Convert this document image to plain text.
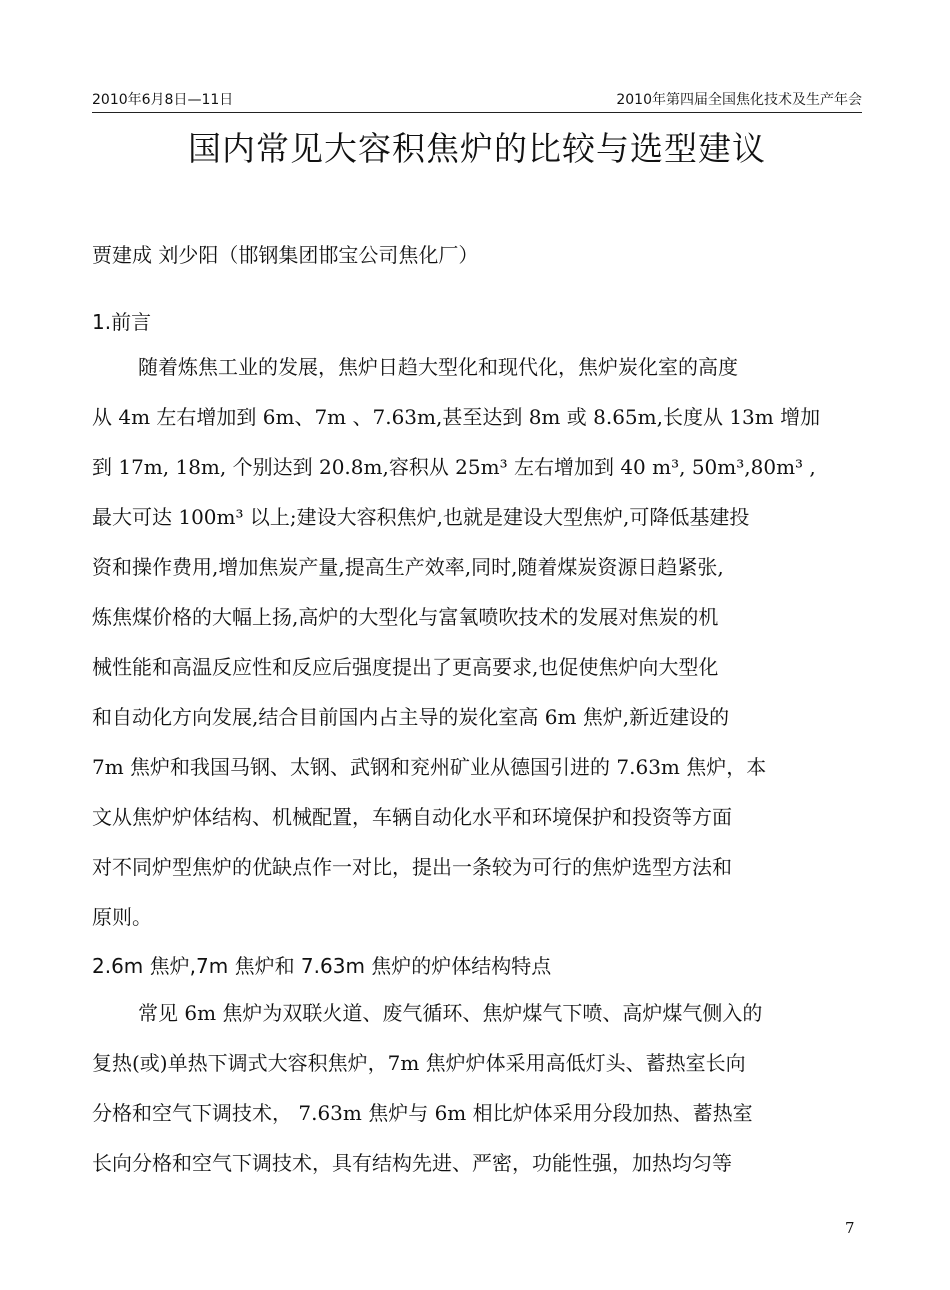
2010年6月8日—11日	2010年第四届全国焦化技术及生产年会
国内常见大容积焦炉的比较与选型建议
贾建成 刘少阳（邯钢集团邯宝公司焦化厂）
1.前言
随着炼焦工业的发展，焦炉日趋大型化和现代化，焦炉炭化室的高度
从 4m 左右增加到 6m、7m 、7.63m,甚至达到 8m 或 8.65m,长度从 13m 增加
到 17m, 18m, 个别达到 20.8m,容积从 25m³ 左右增加到 40 m³, 50m³,80m³ ,
最大可达 100m³ 以上;建设大容积焦炉,也就是建设大型焦炉,可降低基建投
资和操作费用,增加焦炭产量,提高生产效率,同时,随着煤炭资源日趋紧张,
炼焦煤价格的大幅上扬,高炉的大型化与富氧喷吹技术的发展对焦炭的机
械性能和高温反应性和反应后强度提出了更高要求,也促使焦炉向大型化
和自动化方向发展,结合目前国内占主导的炭化室高 6m 焦炉,新近建设的
7m 焦炉和我国马钢、太钢、武钢和兖州矿业从德国引进的 7.63m 焦炉，本
文从焦炉炉体结构、机械配置，车辆自动化水平和环境保护和投资等方面
对不同炉型焦炉的优缺点作一对比，提出一条较为可行的焦炉选型方法和
原则。
2.6m 焦炉,7m 焦炉和 7.63m 焦炉的炉体结构特点
常见 6m 焦炉为双联火道、废气循环、焦炉煤气下喷、高炉煤气侧入的
复热(或)单热下调式大容积焦炉，7m 焦炉炉体采用高低灯头、蓄热室长向
分格和空气下调技术， 7.63m 焦炉与 6m 相比炉体采用分段加热、蓄热室
长向分格和空气下调技术，具有结构先进、严密，功能性强，加热均匀等
7
